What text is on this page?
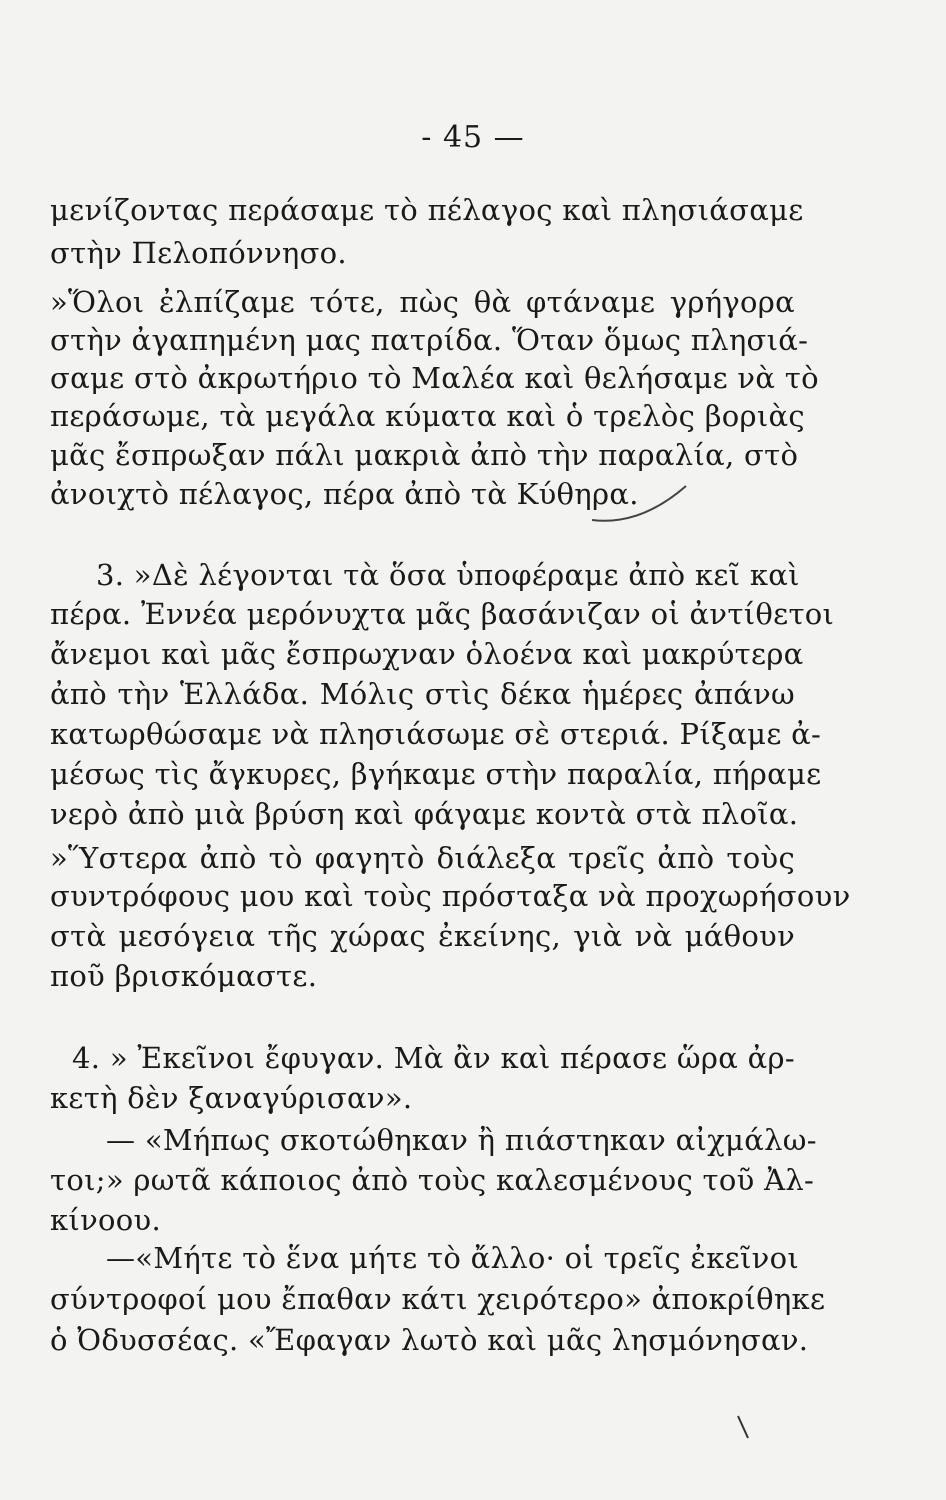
- 45 —
μενίζοντας περάσαμε τὸ πέλαγος καὶ πλησιάσαμε
στὴν Πελοπόννησο.
»Ὅλοι ἐλπίζαμε τότε, πὼς θὰ φτάναμε γρήγορα
στὴν ἀγαπημένη μας πατρίδα. Ὅταν ὅμως πλησιά-
σαμε στὸ ἀκρωτήριο τὸ Μαλέα καὶ θελήσαμε νὰ τὸ
περάσωμε, τὰ μεγάλα κύματα καὶ ὁ τρελὸς βοριὰς
μᾶς ἔσπρωξαν πάλι μακριὰ ἀπὸ τὴν παραλία, στὸ
ἀνοιχτὸ πέλαγος, πέρα ἀπὸ τὰ Κύθηρα.
3. »Δὲ λέγονται τὰ ὅσα ὑποφέραμε ἀπὸ κεῖ καὶ
πέρα. Ἐννέα μερόνυχτα μᾶς βασάνιζαν οἱ ἀντίθετοι
ἄνεμοι καὶ μᾶς ἔσπρωχναν ὁλοένα καὶ μακρύτερα
ἀπὸ τὴν Ἑλλάδα. Μόλις στὶς δέκα ἡμέρες ἀπάνω
κατωρθώσαμε νὰ πλησιάσωμε σὲ στεριά. Ρίξαμε ἀ-
μέσως τὶς ἄγκυρες, βγήκαμε στὴν παραλία, πήραμε
νερὸ ἀπὸ μιὰ βρύση καὶ φάγαμε κοντὰ στὰ πλοῖα.
»Ὕστερα ἀπὸ τὸ φαγητὸ διάλεξα τρεῖς ἀπὸ τοὺς
συντρόφους μου καὶ τοὺς πρόσταξα νὰ προχωρήσουν
στὰ μεσόγεια τῆς χώρας ἐκείνης, γιὰ νὰ μάθουν
ποῦ βρισκόμαστε.
4. » Ἐκεῖνοι ἔφυγαν. Μὰ ἂν καὶ πέρασε ὥρα ἀρ-
κετὴ δὲν ξαναγύρισαν».
— «Μήπως σκοτώθηκαν ἢ πιάστηκαν αἰχμάλω-
τοι;» ρωτᾶ κάποιος ἀπὸ τοὺς καλεσμένους τοῦ Ἀλ-
κίνοου.
—«Μήτε τὸ ἕνα μήτε τὸ ἄλλο· οἱ τρεῖς ἐκεῖνοι
σύντροφοί μου ἔπαθαν κάτι χειρότερο» ἀποκρίθηκε
ὁ Ὀδυσσέας. «Ἔφαγαν λωτὸ καὶ μᾶς λησμόνησαν.
